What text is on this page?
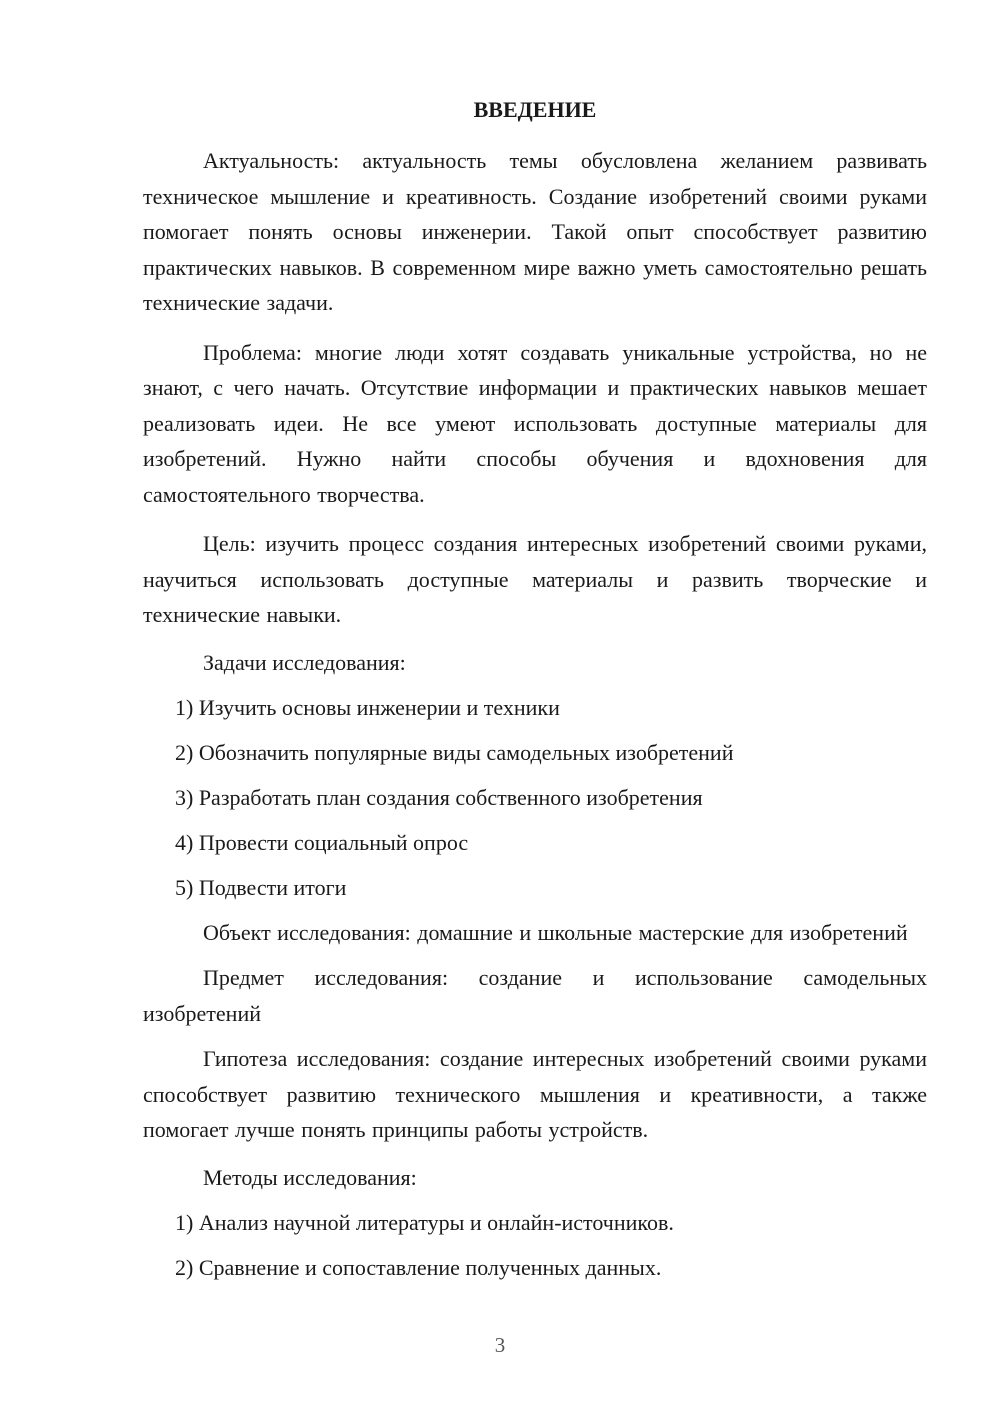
ВВЕДЕНИЕ

Актуальность: актуальность темы обусловлена желанием развивать техническое мышление и креативность. Создание изобретений своими руками помогает понять основы инженерии. Такой опыт способствует развитию практических навыков. В современном мире важно уметь самостоятельно решать технические задачи.

Проблема: многие люди хотят создавать уникальные устройства, но не знают, с чего начать. Отсутствие информации и практических навыков мешает реализовать идеи. Не все умеют использовать доступные материалы для изобретений. Нужно найти способы обучения и вдохновения для самостоятельного творчества.

Цель: изучить процесс создания интересных изобретений своими руками, научиться использовать доступные материалы и развить творческие и технические навыки.

Задачи исследования:

1) Изучить основы инженерии и техники
2) Обозначить популярные виды самодельных изобретений
3) Разработать план создания собственного изобретения
4) Провести социальный опрос
5) Подвести итоги

Объект исследования: домашние и школьные мастерские для изобретений

Предмет исследования: создание и использование самодельных изобретений

Гипотеза исследования: создание интересных изобретений своими руками способствует развитию технического мышления и креативности, а также помогает лучше понять принципы работы устройств.

Методы исследования:

1) Анализ научной литературы и онлайн-источников.
2) Сравнение и сопоставление полученных данных.
3
